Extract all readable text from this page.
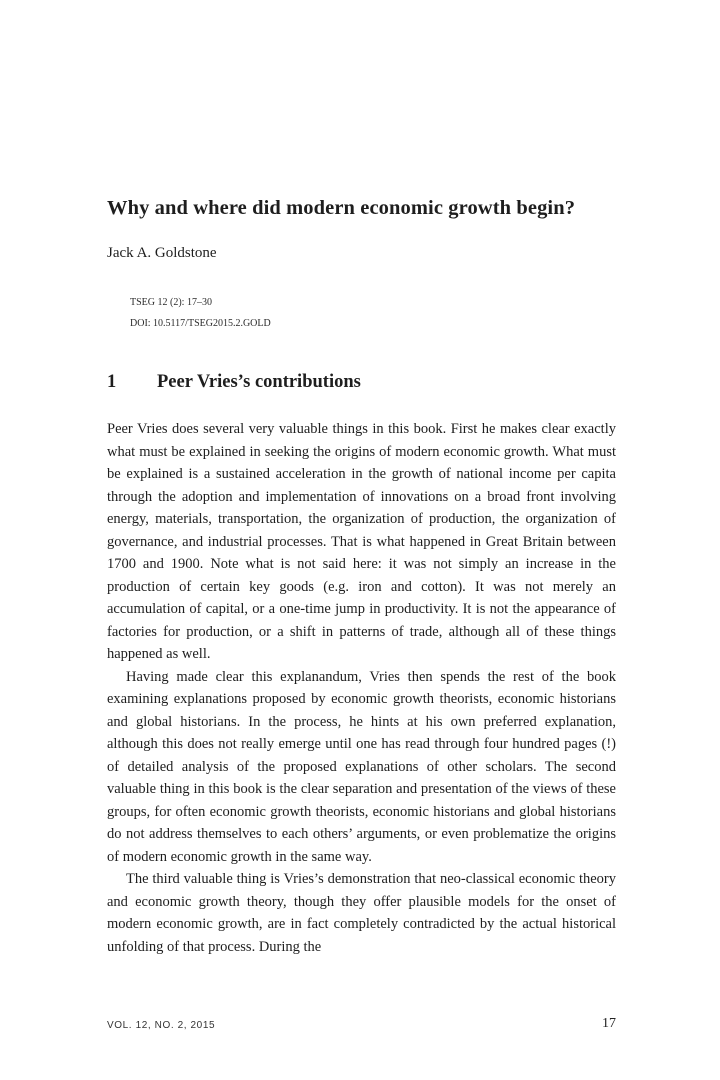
Why and where did modern economic growth begin?
Jack A. Goldstone
TSEG 12 (2): 17–30
DOI: 10.5117/TSEG2015.2.GOLD
1 Peer Vries’s contributions

Peer Vries does several very valuable things in this book. First he makes clear exactly what must be explained in seeking the origins of modern economic growth. What must be explained is a sustained acceleration in the growth of national income per capita through the adoption and implementation of innovations on a broad front involving energy, materials, transportation, the organization of production, the organization of governance, and industrial processes. That is what happened in Great Britain between 1700 and 1900. Note what is not said here: it was not simply an increase in the production of certain key goods (e.g. iron and cotton). It was not merely an accumulation of capital, or a one-time jump in productivity. It is not the appearance of factories for production, or a shift in patterns of trade, although all of these things happened as well.

Having made clear this explanandum, Vries then spends the rest of the book examining explanations proposed by economic growth theorists, economic historians and global historians. In the process, he hints at his own preferred explanation, although this does not really emerge until one has read through four hundred pages (!) of detailed analysis of the proposed explanations of other scholars. The second valuable thing in this book is the clear separation and presentation of the views of these groups, for often economic growth theorists, economic historians and global historians do not address themselves to each others’ arguments, or even problematize the origins of modern economic growth in the same way.

The third valuable thing is Vries’s demonstration that neo-classical economic theory and economic growth theory, though they offer plausible models for the onset of modern economic growth, are in fact completely contradicted by the actual historical unfolding of that process. During the

VOL. 12, NO. 2, 2015	17
